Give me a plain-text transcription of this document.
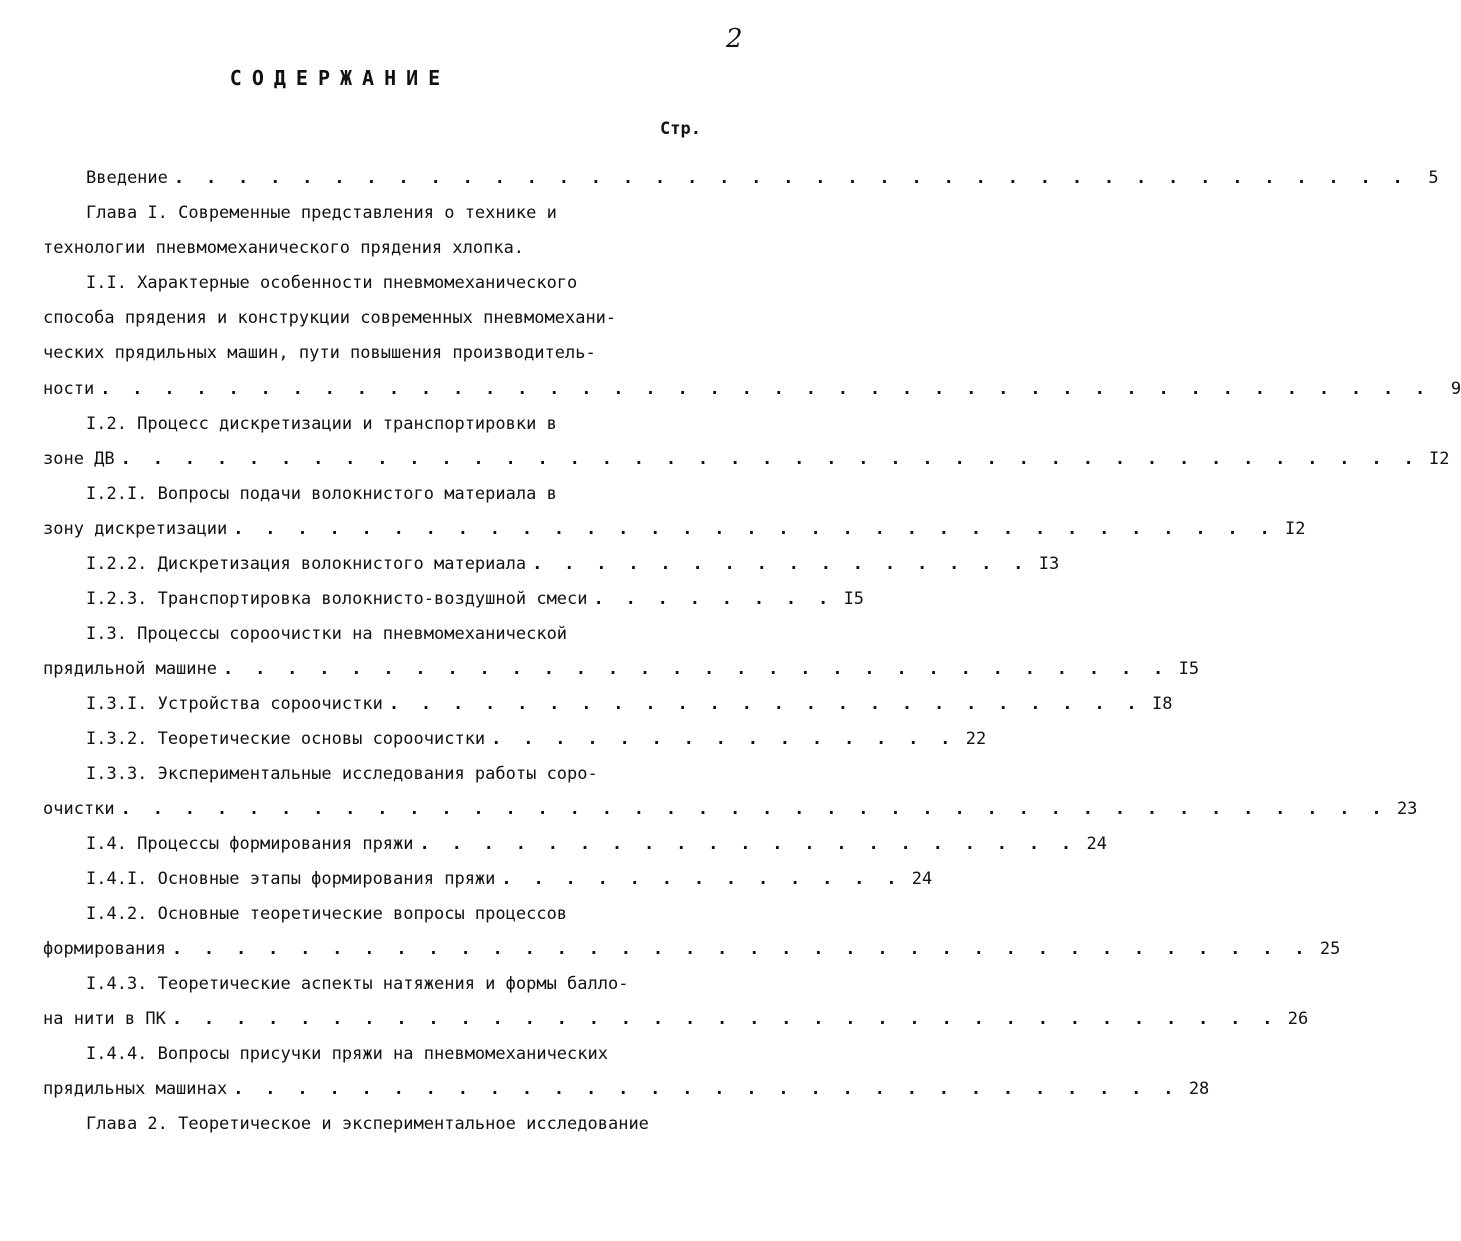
2
СОДЕРЖАНИЕ
Стр.
Введение . . . . . . . . . . . . . . . . . . . . . . . . . . . . . . . . . . . . . . .	5
Глава I. Современные представления о технике и
технологии пневмомеханического прядения хлопка.
I.I. Характерные особенности пневмомеханического
способа прядения и конструкции современных пневмомехани-
ческих прядильных машин, пути повышения производитель-
ности . . . . . . . . . . . . . . . . . . . . . . . . . . . . . . . . . . . . . . . . . .	9
I.2. Процесс дискретизации и транспортировки в
зоне ДВ . . . . . . . . . . . . . . . . . . . . . . . . . . . . . . . . . . . . . . . . . I2
I.2.I. Вопросы подачи волокнистого материала в
зону дискретизации . . . . . . . . . . . . . . . . . . . . . . . . . . . . . . . . . I2
I.2.2. Дискретизация волокнистого материала . . . . . . . . . . . . . . . . I3
I.2.3. Транспортировка волокнисто-воздушной смеси . . . . . . . . I5
I.3. Процессы сороочистки на пневмомеханической
прядильной машине . . . . . . . . . . . . . . . . . . . . . . . . . . . . . . I5
I.3.I. Устройства сороочистки . . . . . . . . . . . . . . . . . . . . . . . . I8
I.3.2. Теоретические основы сороочистки . . . . . . . . . . . . . . . 22
I.3.3. Экспериментальные исследования работы соро-
очистки . . . . . . . . . . . . . . . . . . . . . . . . . . . . . . . . . . . . . . . . 23
I.4. Процессы формирования пряжи . . . . . . . . . . . . . . . . . . . . . 24
I.4.I. Основные этапы формирования пряжи . . . . . . . . . . . . . 24
I.4.2. Основные теоретические вопросы процессов
формирования . . . . . . . . . . . . . . . . . . . . . . . . . . . . . . . . . . . . 25
I.4.3. Теоретические аспекты натяжения и формы балло-
на нити в ПК . . . . . . . . . . . . . . . . . . . . . . . . . . . . . . . . . . . 26
I.4.4. Вопросы присучки пряжи на пневмомеханических
прядильных машинах . . . . . . . . . . . . . . . . . . . . . . . . . . . . . . 28
Глава 2. Теоретическое и экспериментальное исследование
